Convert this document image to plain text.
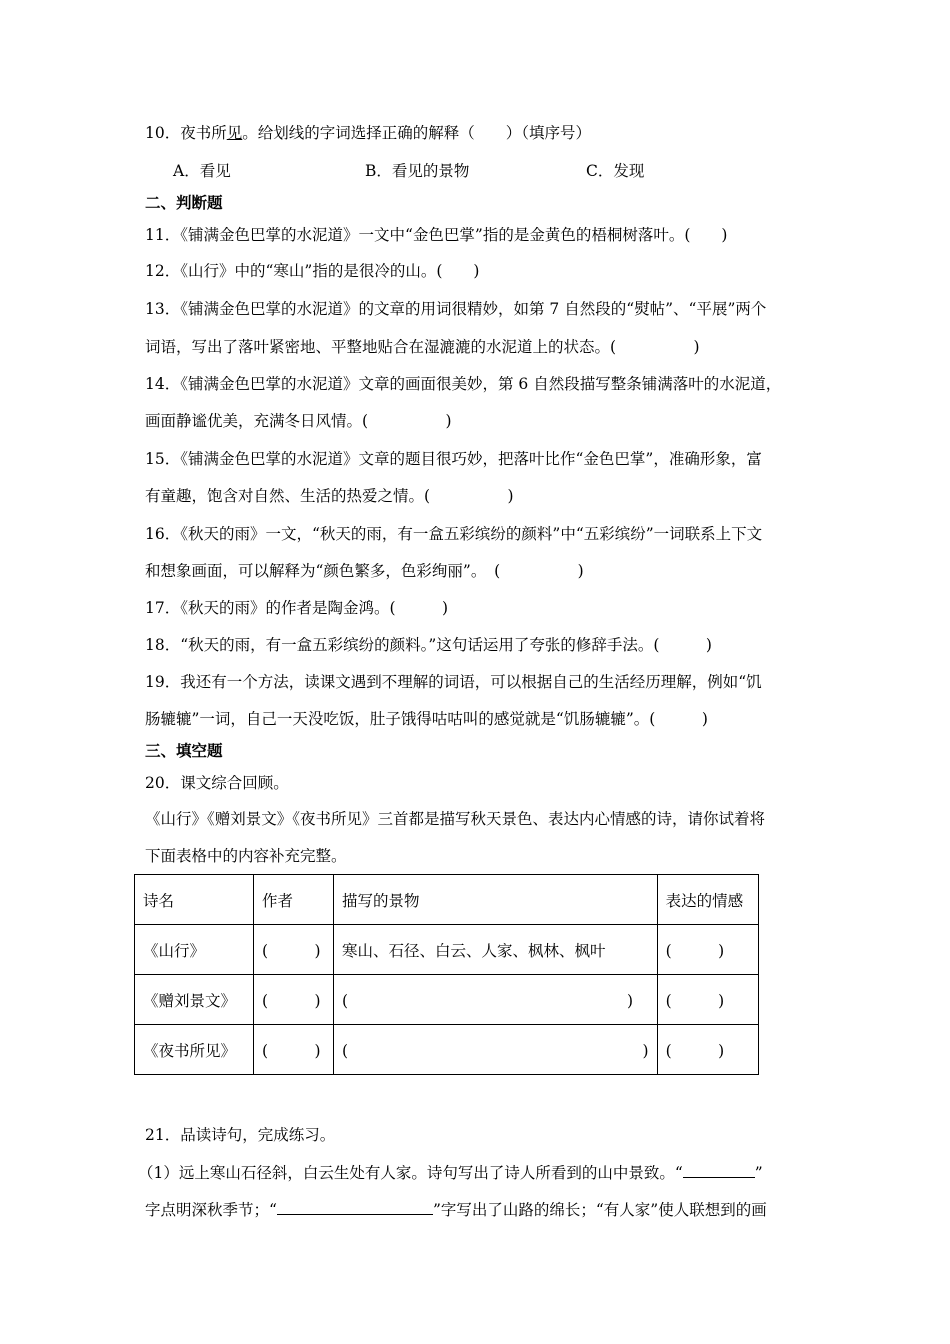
10．夜书所见。给划线的字词选择正确的解释（　　）（填序号）
A．看见	B．看见的景物	C．发现
二、判断题
11．《铺满金色巴掌的水泥道》一文中“金色巴掌”指的是金黄色的梧桐树落叶。(　　)
12．《山行》中的“寒山”指的是很冷的山。(　　)
13．《铺满金色巴掌的水泥道》的文章的用词很精妙，如第 7 自然段的“熨帖”、“平展”两个
词语，写出了落叶紧密地、平整地贴合在湿漉漉的水泥道上的状态。(　　　　　)
14．《铺满金色巴掌的水泥道》文章的画面很美妙，第 6 自然段描写整条铺满落叶的水泥道，
画面静谧优美，充满冬日风情。(　　　　　)
15．《铺满金色巴掌的水泥道》文章的题目很巧妙，把落叶比作“金色巴掌”，准确形象，富
有童趣，饱含对自然、生活的热爱之情。(　　　　　)
16．《秋天的雨》一文，“秋天的雨，有一盒五彩缤纷的颜料”中“五彩缤纷”一词联系上下文
和想象画面，可以解释为“颜色繁多，色彩绚丽”。　(　　　　　)
17．《秋天的雨》的作者是陶金鸿。(　　　)
18．“秋天的雨，有一盒五彩缤纷的颜料。”这句话运用了夸张的修辞手法。(　　　)
19．我还有一个方法，读课文遇到不理解的词语，可以根据自己的生活经历理解，例如“饥
肠辘辘”一词，自己一天没吃饭，肚子饿得咕咕叫的感觉就是“饥肠辘辘”。(　　　)
三、填空题
20．课文综合回顾。
《山行》《赠刘景文》《夜书所见》三首都是描写秋天景色、表达内心情感的诗，请你试着将
下面表格中的内容补充完整。
诗名	作者	描写的景物	表达的情感
《山行》	(　　　)	寒山、石径、白云、人家、枫林、枫叶	(　　　)
《赠刘景文》	(　　　)	(　　　　　　　　　　　　　　　　　　)	(　　　)
《夜书所见》	(　　　)	(　　　　　　　　　　　　　　　　　　　)	(　　　)
21．品读诗句，完成练习。
（1）远上寒山石径斜，白云生处有人家。诗句写出了诗人所看到的山中景致。“	”
字点明深秋季节；“	”字写出了山路的绵长；“有人家”使人联想到的画
